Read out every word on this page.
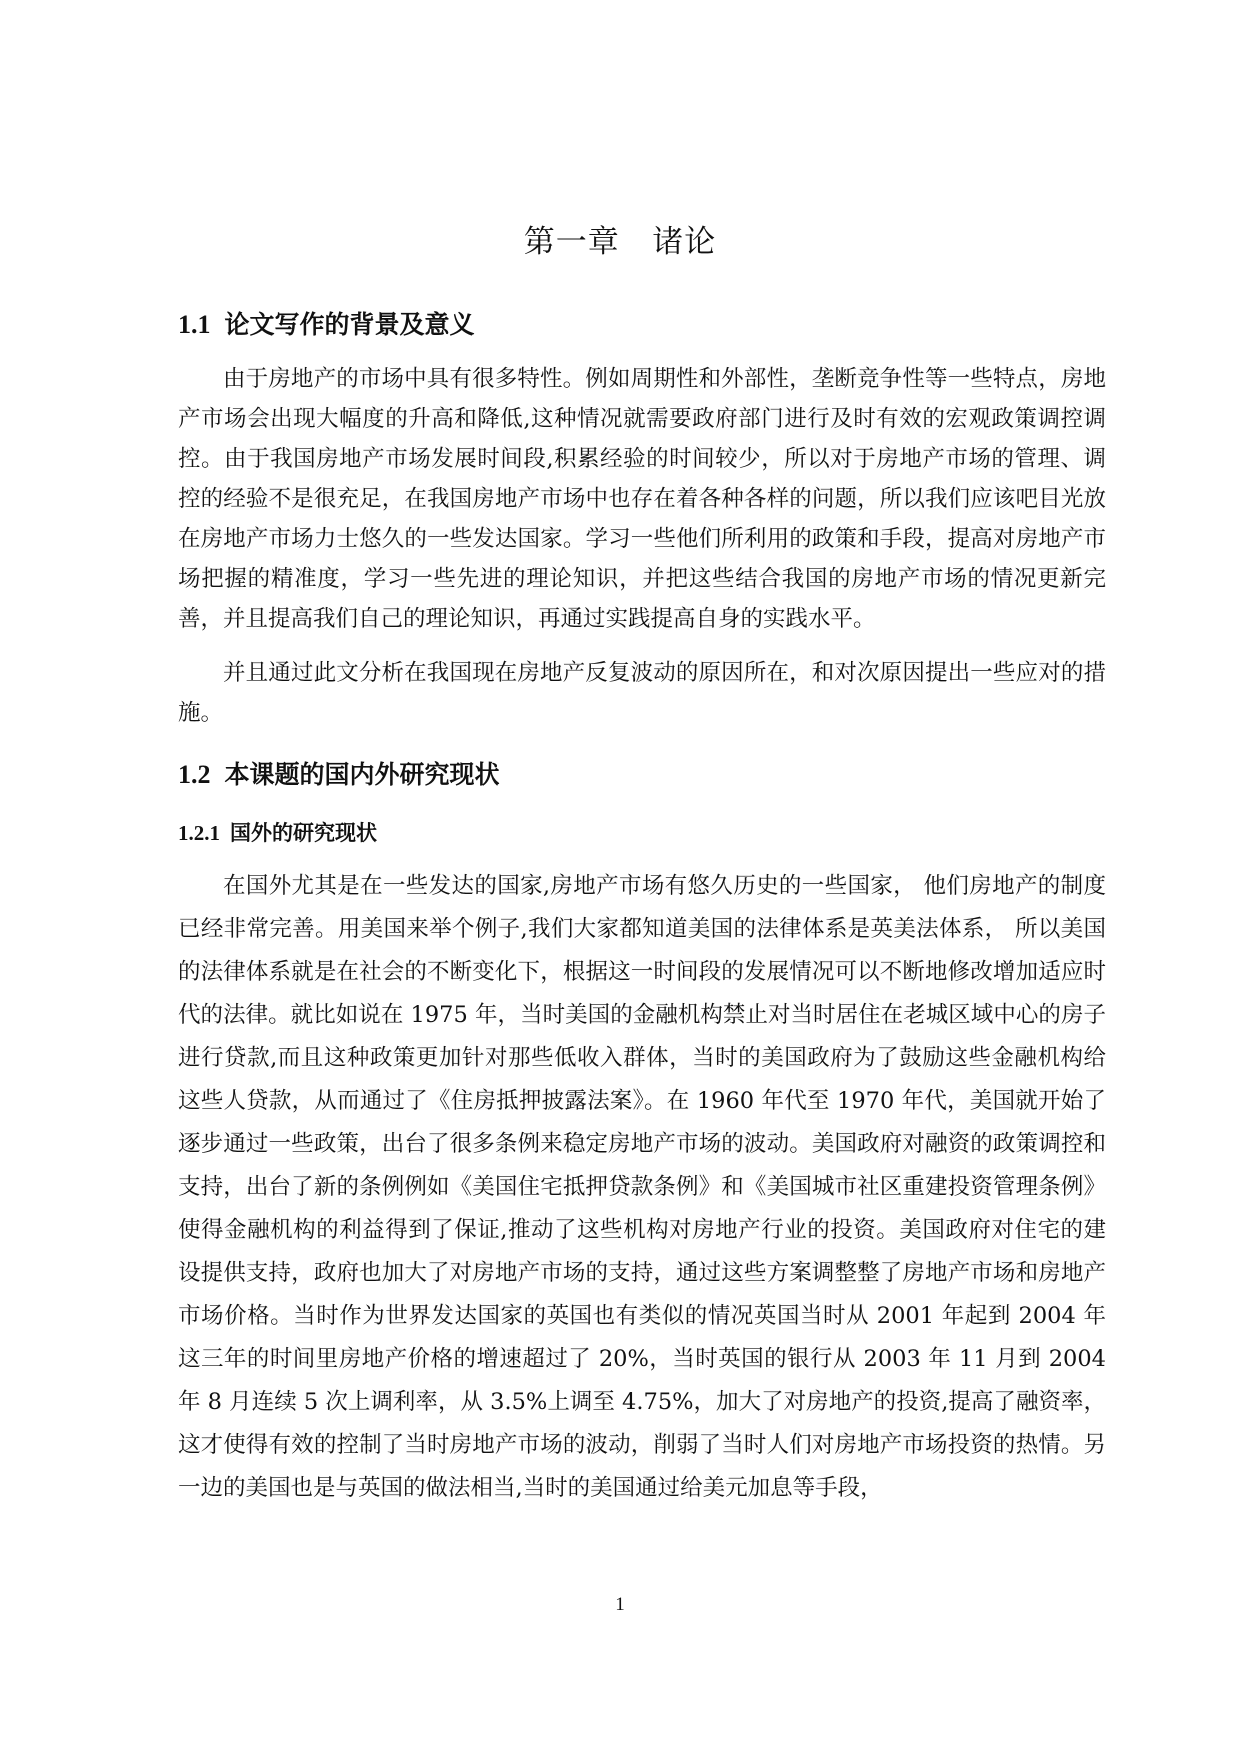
第一章   诸论
1.1 论文写作的背景及意义

由于房地产的市场中具有很多特性。例如周期性和外部性，垄断竞争性等一些特点，房地产市场会出现大幅度的升高和降低,这种情况就需要政府部门进行及时有效的宏观政策调控调控。由于我国房地产市场发展时间段,积累经验的时间较少，所以对于房地产市场的管理、调控的经验不是很充足，在我国房地产市场中也存在着各种各样的问题，所以我们应该吧目光放在房地产市场力士悠久的一些发达国家。学习一些他们所利用的政策和手段，提高对房地产市场把握的精准度，学习一些先进的理论知识，并把这些结合我国的房地产市场的情况更新完善，并且提高我们自己的理论知识，再通过实践提高自身的实践水平。

并且通过此文分析在我国现在房地产反复波动的原因所在，和对次原因提出一些应对的措施。

1.2 本课题的国内外研究现状
1.2.1 国外的研究现状

在国外尤其是在一些发达的国家,房地产市场有悠久历史的一些国家， 他们房地产的制度已经非常完善。用美国来举个例子,我们大家都知道美国的法律体系是英美法体系， 所以美国的法律体系就是在社会的不断变化下，根据这一时间段的发展情况可以不断地修改增加适应时代的法律。就比如说在 1975 年，当时美国的金融机构禁止对当时居住在老城区域中心的房子进行贷款,而且这种政策更加针对那些低收入群体，当时的美国政府为了鼓励这些金融机构给这些人贷款，从而通过了《住房抵押披露法案》。在 1960 年代至 1970 年代，美国就开始了逐步通过一些政策，出台了很多条例来稳定房地产市场的波动。美国政府对融资的政策调控和支持，出台了新的条例例如《美国住宅抵押贷款条例》和《美国城市社区重建投资管理条例》使得金融机构的利益得到了保证,推动了这些机构对房地产行业的投资。美国政府对住宅的建设提供支持，政府也加大了对房地产市场的支持，通过这些方案调整整了房地产市场和房地产市场价格。当时作为世界发达国家的英国也有类似的情况英国当时从 2001 年起到 2004 年这三年的时间里房地产价格的增速超过了 20%，当时英国的银行从 2003 年 11 月到 2004 年 8 月连续 5 次上调利率，从 3.5%上调至 4.75%，加大了对房地产的投资,提高了融资率， 这才使得有效的控制了当时房地产市场的波动，削弱了当时人们对房地产市场投资的热情。另一边的美国也是与英国的做法相当,当时的美国通过给美元加息等手段，

1
